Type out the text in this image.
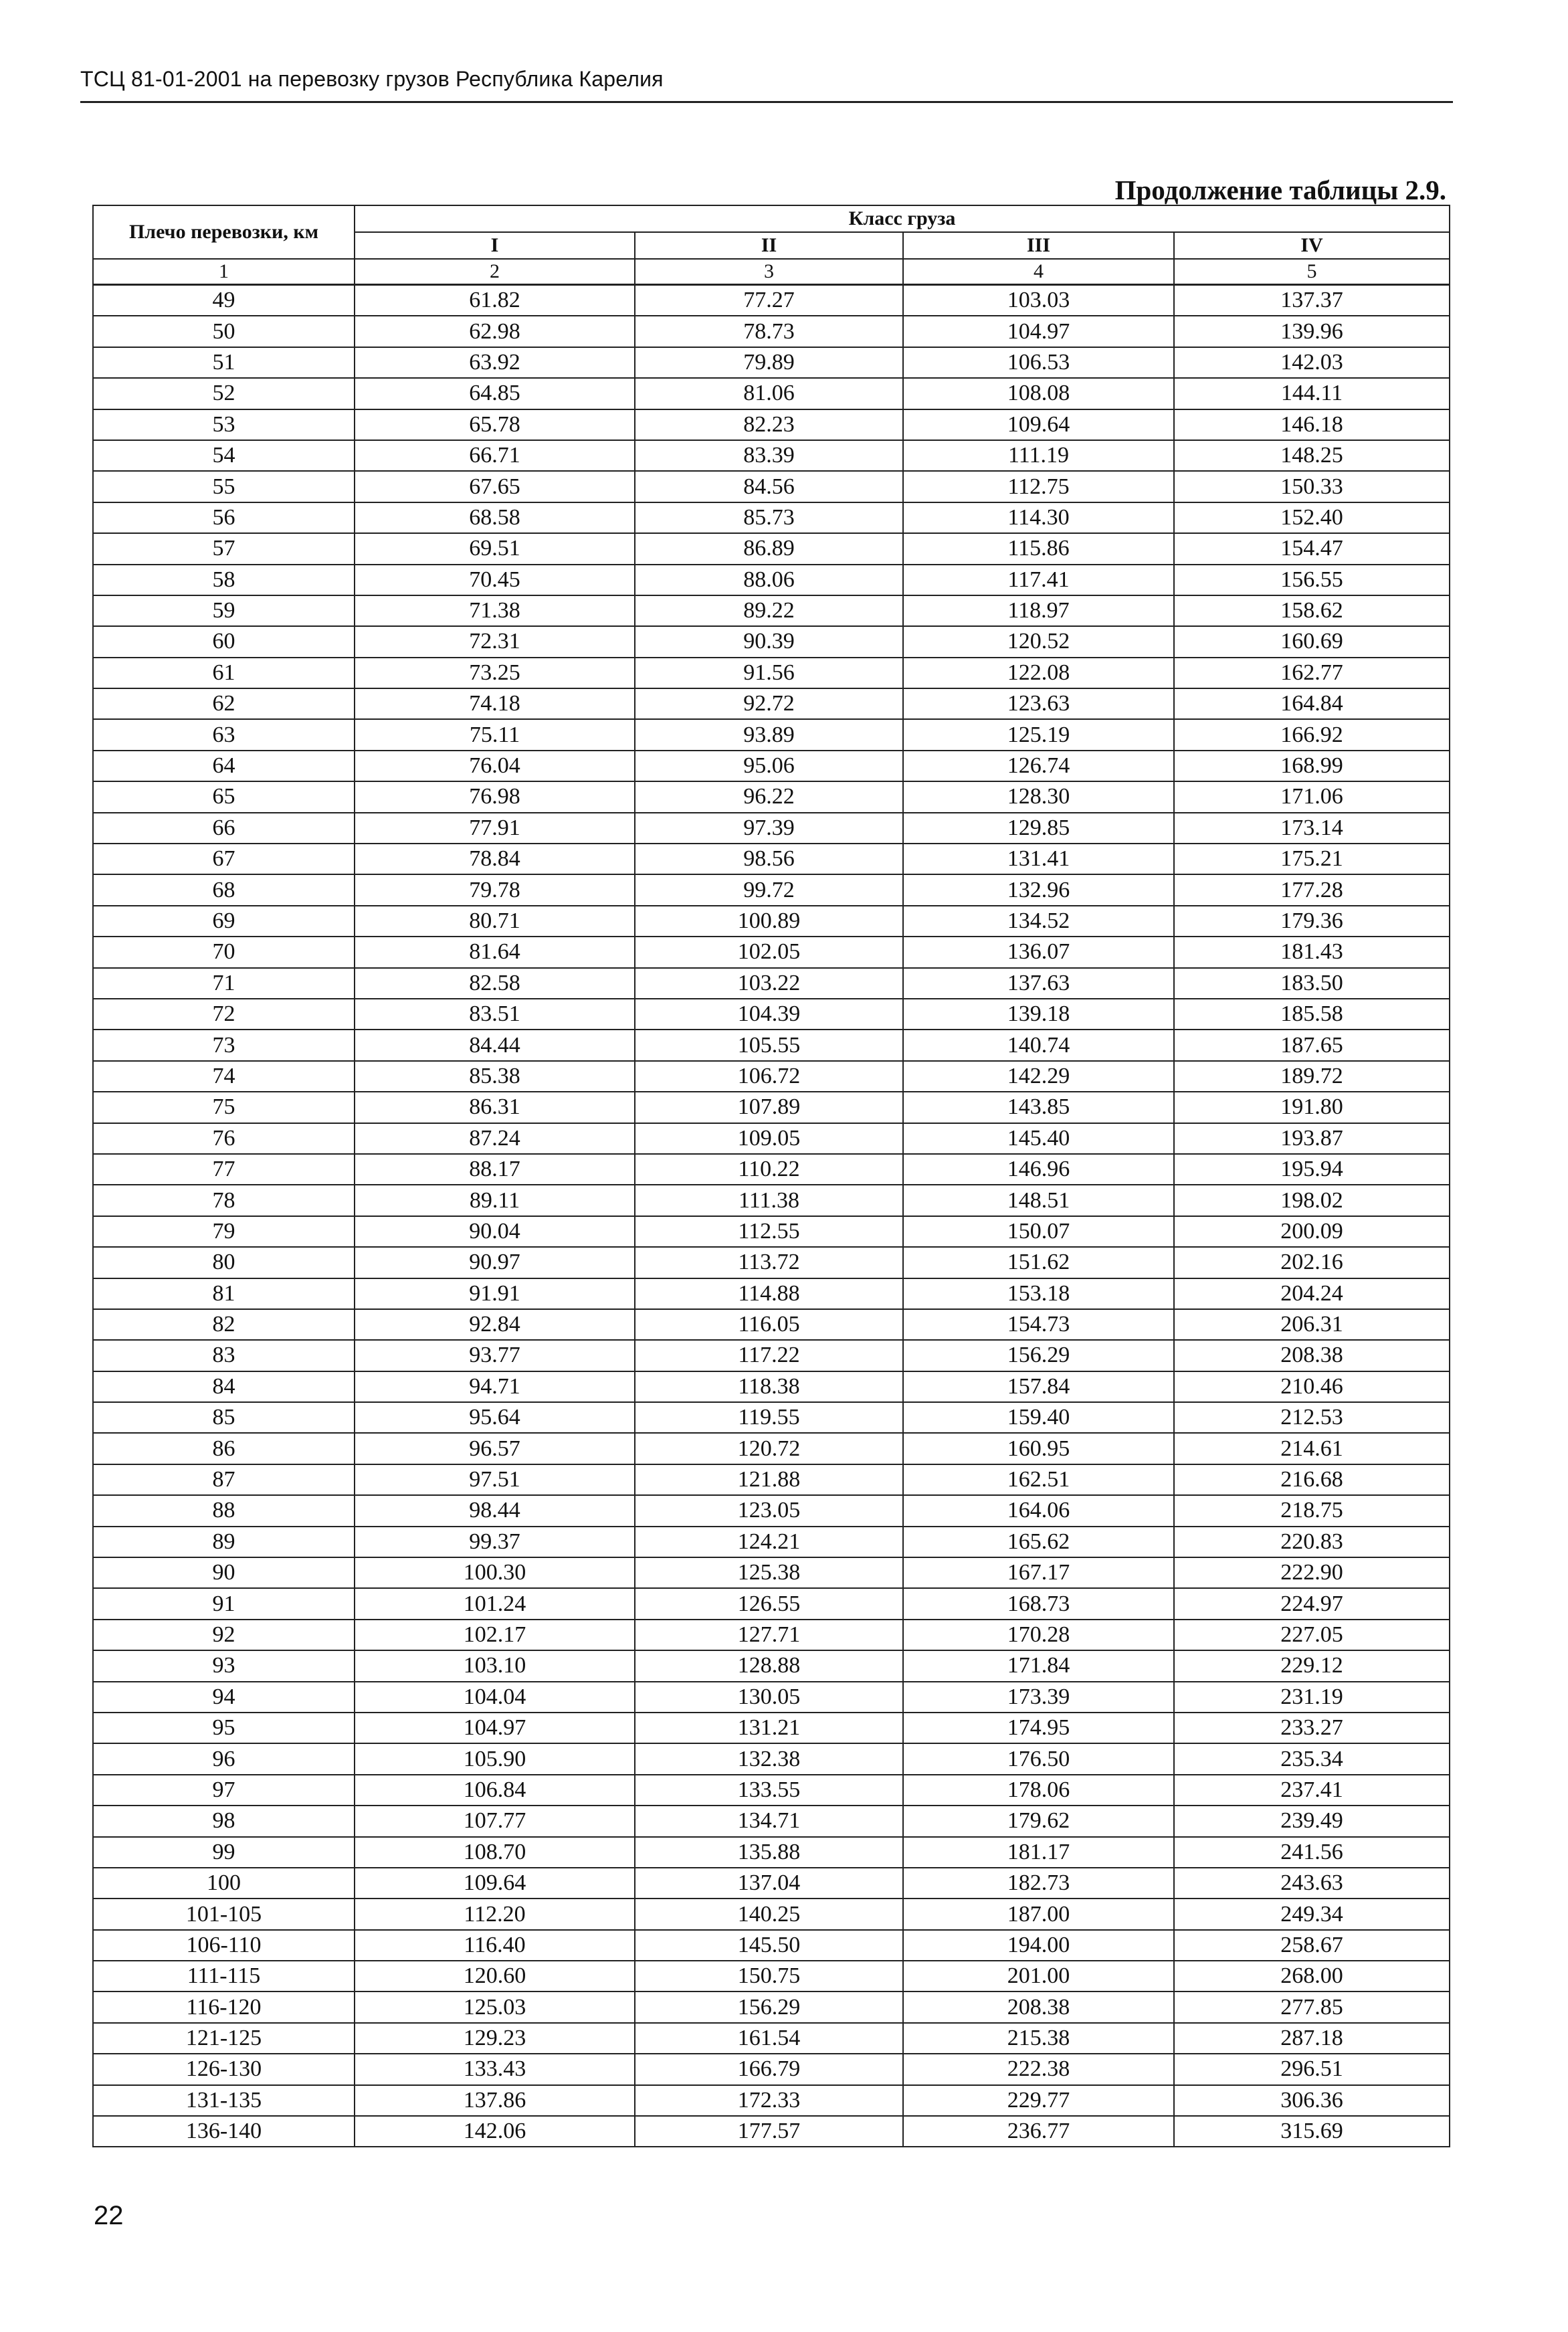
ТСЦ 81-01-2001 на перевозку грузов Республика Карелия
Продолжение таблицы 2.9.
Плечо перевозки, км	Класс груза			
	I	II	III	IV
1	2	3	4	5
49	61.82	77.27	103.03	137.37
50	62.98	78.73	104.97	139.96
51	63.92	79.89	106.53	142.03
52	64.85	81.06	108.08	144.11
53	65.78	82.23	109.64	146.18
54	66.71	83.39	111.19	148.25
55	67.65	84.56	112.75	150.33
56	68.58	85.73	114.30	152.40
57	69.51	86.89	115.86	154.47
58	70.45	88.06	117.41	156.55
59	71.38	89.22	118.97	158.62
60	72.31	90.39	120.52	160.69
61	73.25	91.56	122.08	162.77
62	74.18	92.72	123.63	164.84
63	75.11	93.89	125.19	166.92
64	76.04	95.06	126.74	168.99
65	76.98	96.22	128.30	171.06
66	77.91	97.39	129.85	173.14
67	78.84	98.56	131.41	175.21
68	79.78	99.72	132.96	177.28
69	80.71	100.89	134.52	179.36
70	81.64	102.05	136.07	181.43
71	82.58	103.22	137.63	183.50
72	83.51	104.39	139.18	185.58
73	84.44	105.55	140.74	187.65
74	85.38	106.72	142.29	189.72
75	86.31	107.89	143.85	191.80
76	87.24	109.05	145.40	193.87
77	88.17	110.22	146.96	195.94
78	89.11	111.38	148.51	198.02
79	90.04	112.55	150.07	200.09
80	90.97	113.72	151.62	202.16
81	91.91	114.88	153.18	204.24
82	92.84	116.05	154.73	206.31
83	93.77	117.22	156.29	208.38
84	94.71	118.38	157.84	210.46
85	95.64	119.55	159.40	212.53
86	96.57	120.72	160.95	214.61
87	97.51	121.88	162.51	216.68
88	98.44	123.05	164.06	218.75
89	99.37	124.21	165.62	220.83
90	100.30	125.38	167.17	222.90
91	101.24	126.55	168.73	224.97
92	102.17	127.71	170.28	227.05
93	103.10	128.88	171.84	229.12
94	104.04	130.05	173.39	231.19
95	104.97	131.21	174.95	233.27
96	105.90	132.38	176.50	235.34
97	106.84	133.55	178.06	237.41
98	107.77	134.71	179.62	239.49
99	108.70	135.88	181.17	241.56
100	109.64	137.04	182.73	243.63
101-105	112.20	140.25	187.00	249.34
106-110	116.40	145.50	194.00	258.67
111-115	120.60	150.75	201.00	268.00
116-120	125.03	156.29	208.38	277.85
121-125	129.23	161.54	215.38	287.18
126-130	133.43	166.79	222.38	296.51
131-135	137.86	172.33	229.77	306.36
136-140	142.06	177.57	236.77	315.69
22
